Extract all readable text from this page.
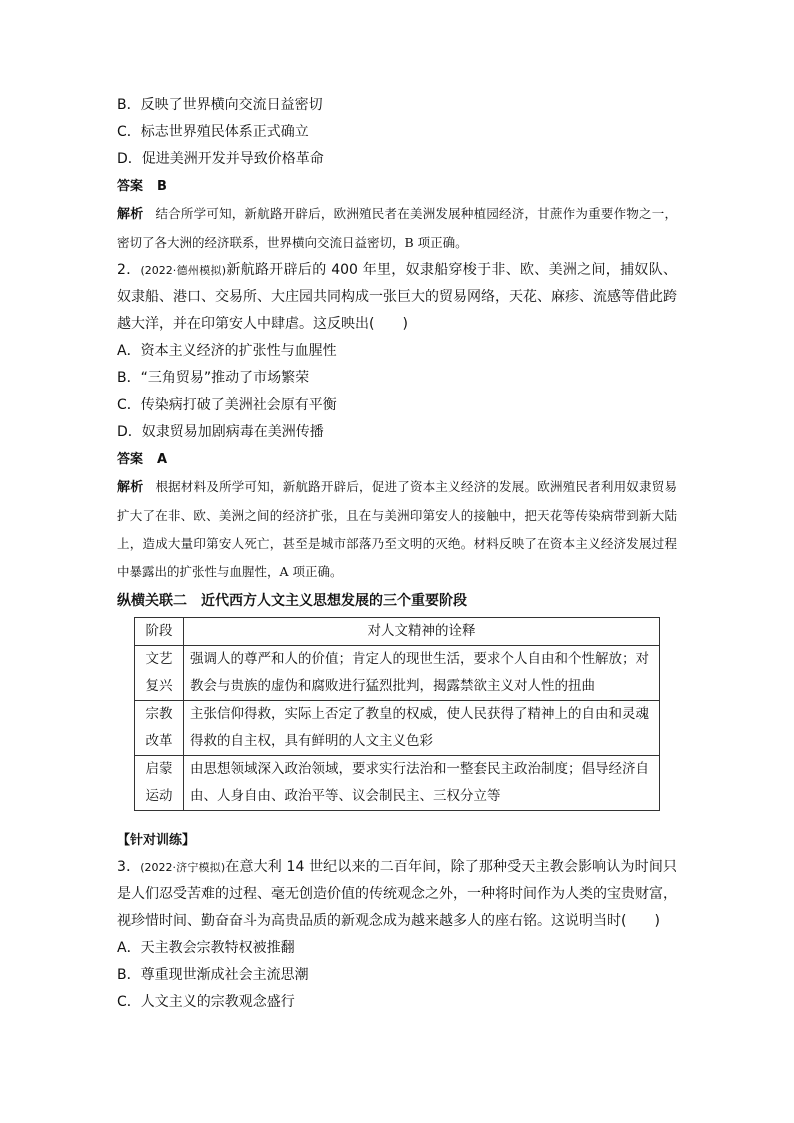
B．反映了世界横向交流日益密切
C．标志世界殖民体系正式确立
D．促进美洲开发并导致价格革命
答案 B
解析 结合所学可知，新航路开辟后，欧洲殖民者在美洲发展种植园经济，甘蔗作为重要作物之一，密切了各大洲的经济联系，世界横向交流日益密切，B 项正确。
2．(2022·德州模拟)新航路开辟后的 400 年里，奴隶船穿梭于非、欧、美洲之间，捕奴队、奴隶船、港口、交易所、大庄园共同构成一张巨大的贸易网络，天花、麻疹、流感等借此跨越大洋，并在印第安人中肆虐。这反映出(　　)
A．资本主义经济的扩张性与血腥性
B．“三角贸易”推动了市场繁荣
C．传染病打破了美洲社会原有平衡
D．奴隶贸易加剧病毒在美洲传播
答案 A
解析 根据材料及所学可知，新航路开辟后，促进了资本主义经济的发展。欧洲殖民者利用奴隶贸易扩大了在非、欧、美洲之间的经济扩张，且在与美洲印第安人的接触中，把天花等传染病带到新大陆上，造成大量印第安人死亡，甚至是城市部落乃至文明的灭绝。材料反映了在资本主义经济发展过程中暴露出的扩张性与血腥性，A 项正确。
纵横关联二 近代西方人文主义思想发展的三个重要阶段
阶段	对人文精神的诠释
文艺复兴	强调人的尊严和人的价值；肯定人的现世生活，要求个人自由和个性解放；对教会与贵族的虚伪和腐败进行猛烈批判，揭露禁欲主义对人性的扭曲
宗教改革	主张信仰得救，实际上否定了教皇的权威，使人民获得了精神上的自由和灵魂得救的自主权，具有鲜明的人文主义色彩
启蒙运动	由思想领域深入政治领域，要求实行法治和一整套民主政治制度；倡导经济自由、人身自由、政治平等、议会制民主、三权分立等
【针对训练】
3．(2022·济宁模拟)在意大利 14 世纪以来的二百年间，除了那种受天主教会影响认为时间只是人们忍受苦难的过程、毫无创造价值的传统观念之外，一种将时间作为人类的宝贵财富，视珍惜时间、勤奋奋斗为高贵品质的新观念成为越来越多人的座右铭。这说明当时(　　)
A．天主教会宗教特权被推翻
B．尊重现世渐成社会主流思潮
C．人文主义的宗教观念盛行
